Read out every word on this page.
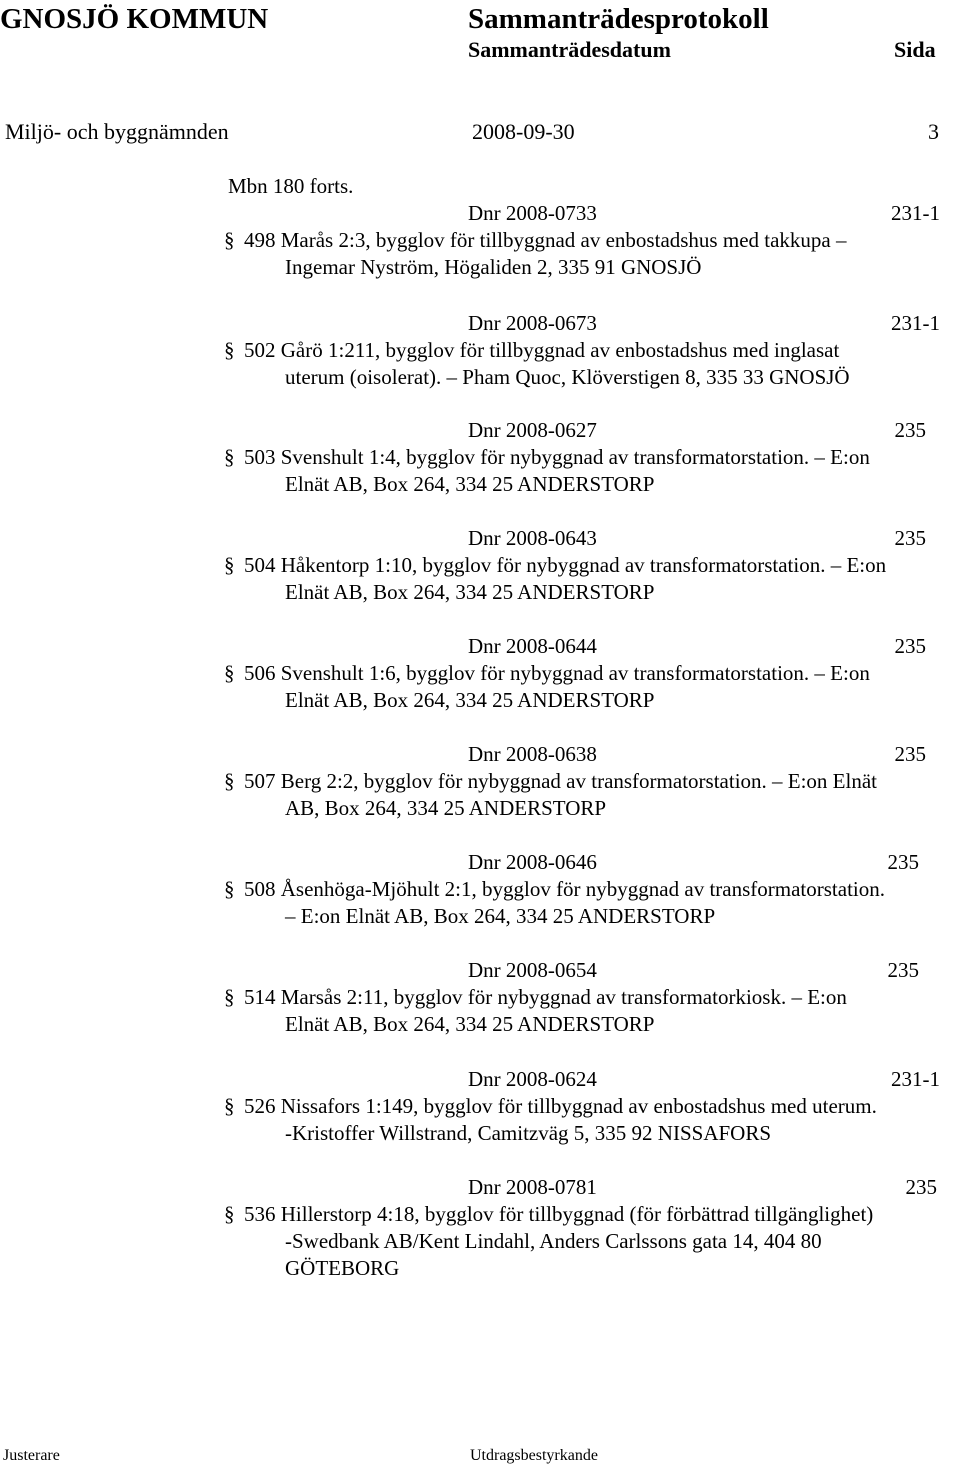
GNOSJÖ KOMMUN	Sammanträdesprotokoll
Sammanträdesdatum	Sida
Miljö- och byggnämnden	2008-09-30	3
Mbn 180 forts.
Dnr 2008-0733	231-1
§ 498 Marås 2:3, bygglov för tillbyggnad av enbostadshus med takkupa –
Ingemar Nyström, Högaliden 2, 335 91 GNOSJÖ
Dnr 2008-0673	231-1
§ 502 Gårö 1:211, bygglov för tillbyggnad av enbostadshus med inglasat
uterum (oisolerat). – Pham Quoc, Klöverstigen 8, 335 33 GNOSJÖ
Dnr 2008-0627	235
§ 503 Svenshult 1:4, bygglov för nybyggnad av transformatorstation. – E:on
Elnät AB, Box 264, 334 25 ANDERSTORP
Dnr 2008-0643	235
§ 504 Håkentorp 1:10, bygglov för nybyggnad av transformatorstation. – E:on
Elnät AB, Box 264, 334 25 ANDERSTORP
Dnr 2008-0644	235
§ 506 Svenshult 1:6, bygglov för nybyggnad av transformatorstation. – E:on
Elnät AB, Box 264, 334 25 ANDERSTORP
Dnr 2008-0638	235
§ 507 Berg 2:2, bygglov för nybyggnad av transformatorstation. – E:on Elnät
AB, Box 264, 334 25 ANDERSTORP
Dnr 2008-0646	235
§ 508 Åsenhöga-Mjöhult 2:1, bygglov för nybyggnad av transformatorstation.
– E:on Elnät AB, Box 264, 334 25 ANDERSTORP
Dnr 2008-0654	235
§ 514 Marsås 2:11, bygglov för nybyggnad av transformatorkiosk. – E:on
Elnät AB, Box 264, 334 25 ANDERSTORP
Dnr 2008-0624	231-1
§ 526 Nissafors 1:149, bygglov för tillbyggnad av enbostadshus med uterum.
-Kristoffer Willstrand, Camitzväg 5, 335 92 NISSAFORS
Dnr 2008-0781	235
§ 536 Hillerstorp 4:18, bygglov för tillbyggnad (för förbättrad tillgänglighet)
-Swedbank AB/Kent Lindahl, Anders Carlssons gata 14, 404 80
GÖTEBORG
Justerare	Utdragsbestyrkande
